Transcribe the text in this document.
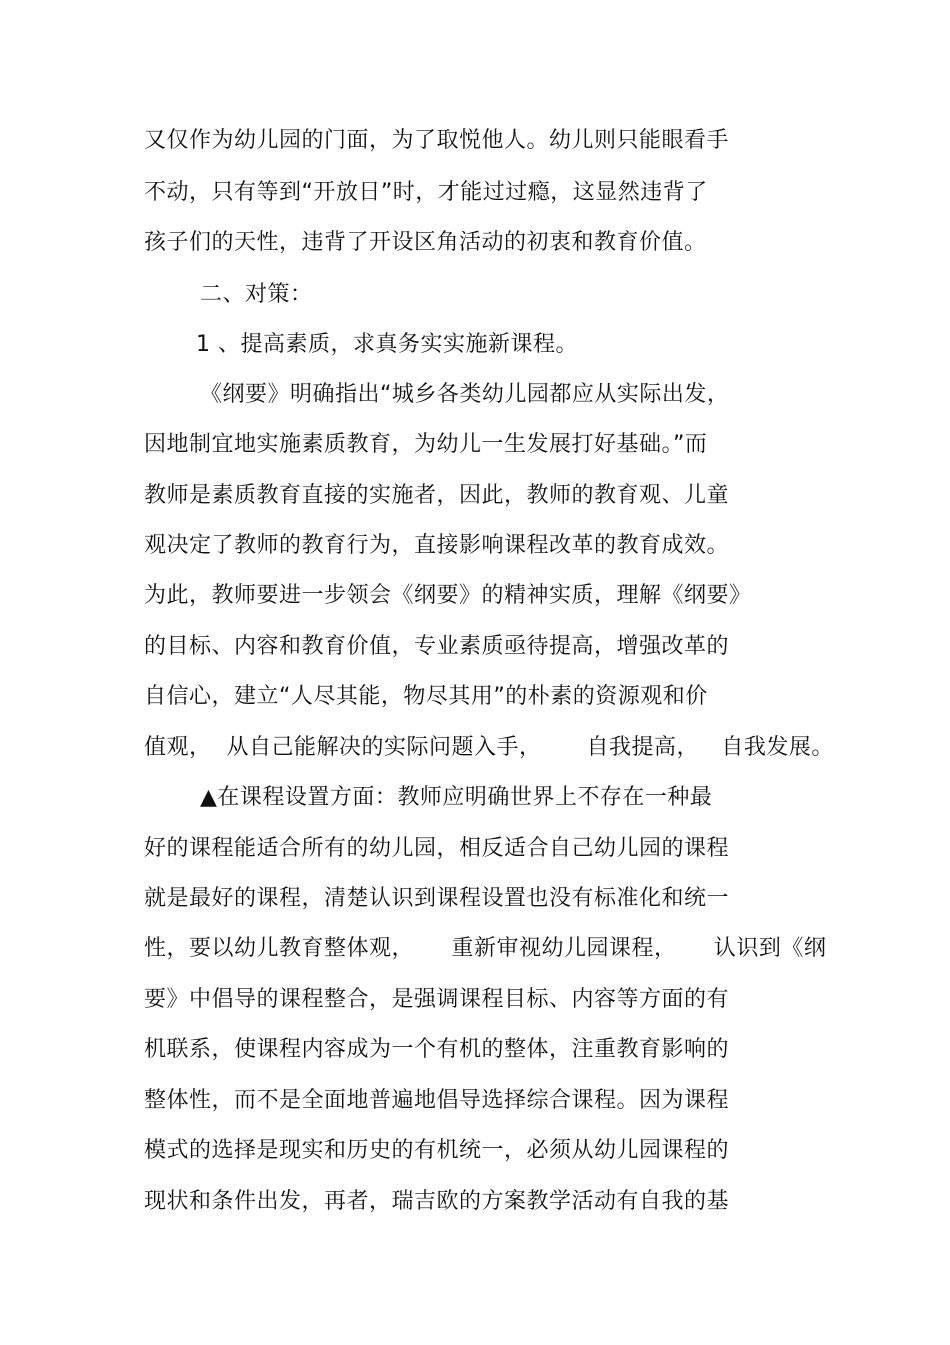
又仅作为幼儿园的门面，为了取悦他人。幼儿则只能眼看手
不动，只有等到“开放日”时，才能过过瘾，这显然违背了
孩子们的天性，违背了开设区角活动的初衷和教育价值。
二、对策：
1 、提高素质，求真务实实施新课程。
《纲要》明确指出“城乡各类幼儿园都应从实际出发，
因地制宜地实施素质教育，为幼儿一生发展打好基础。”而
教师是素质教育直接的实施者，因此，教师的教育观、儿童
观决定了教师的教育行为，直接影响课程改革的教育成效。
为此，教师要进一步领会《纲要》的精神实质，理解《纲要》
的目标、内容和教育价值，专业素质亟待提高，增强改革的
自信心，建立“人尽其能，物尽其用”的朴素的资源观和价
值观，  从自己能解决的实际问题入手，      自我提高，   自我发展。
▲在课程设置方面：教师应明确世界上不存在一种最
好的课程能适合所有的幼儿园，相反适合自己幼儿园的课程
就是最好的课程，清楚认识到课程设置也没有标准化和统一
性，要以幼儿教育整体观，     重新审视幼儿园课程，     认识到《纲
要》中倡导的课程整合，是强调课程目标、内容等方面的有
机联系，使课程内容成为一个有机的整体，注重教育影响的
整体性，而不是全面地普遍地倡导选择综合课程。因为课程
模式的选择是现实和历史的有机统一，必须从幼儿园课程的
现状和条件出发，再者，瑞吉欧的方案教学活动有自我的基
